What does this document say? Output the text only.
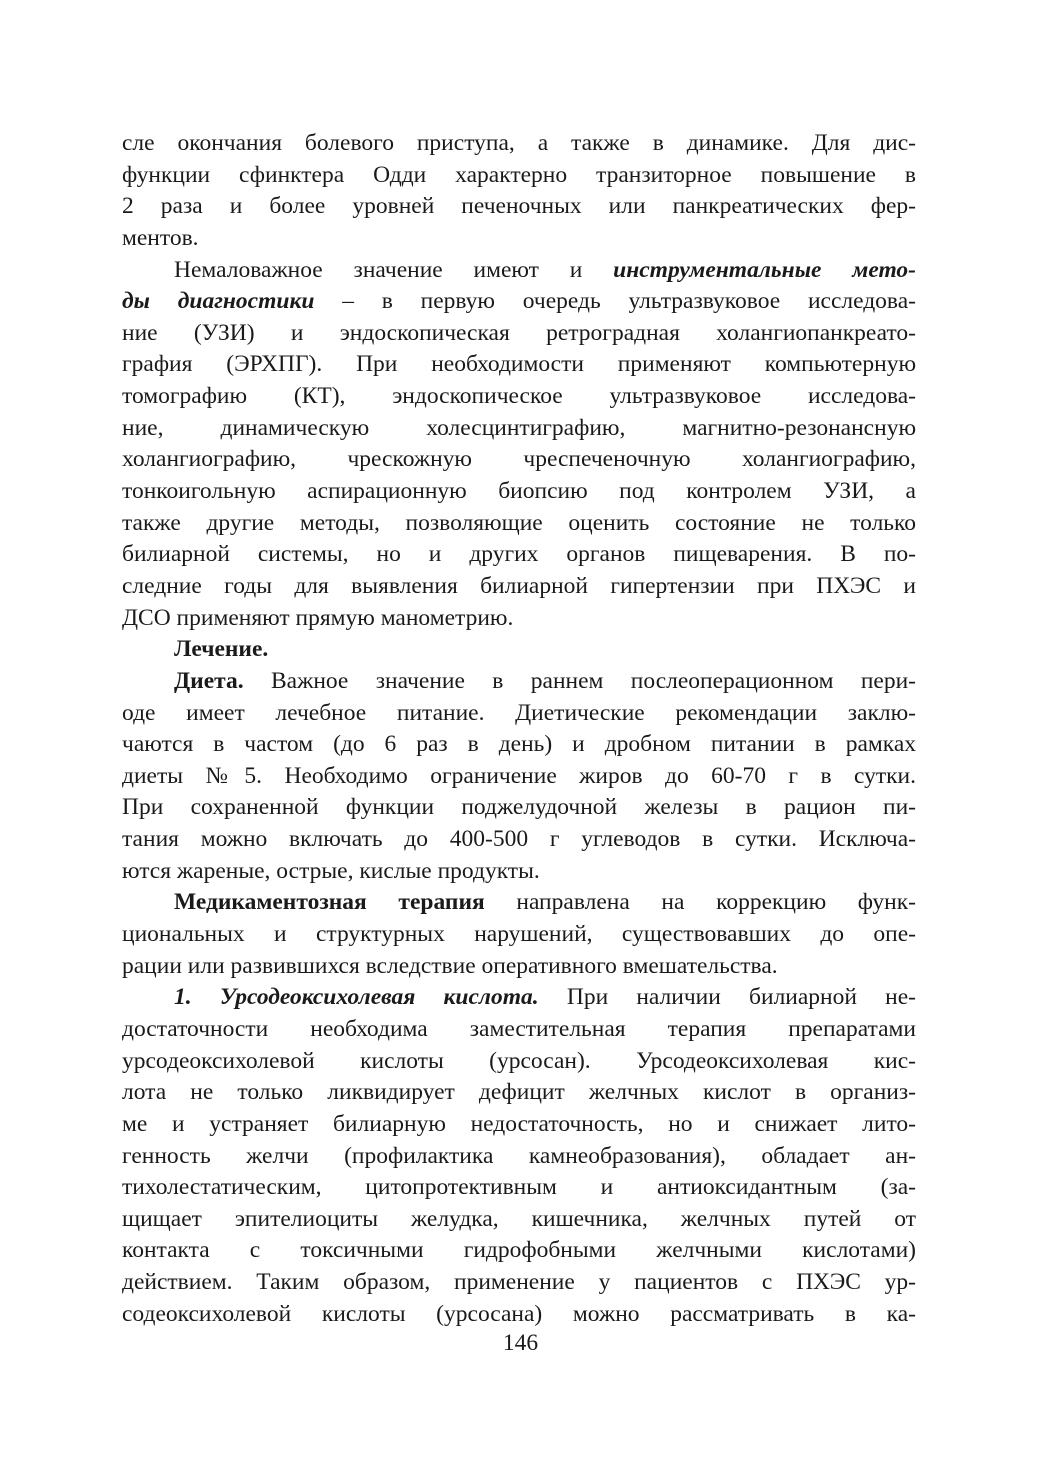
сле окончания болевого приступа, а также в динамике. Для дис-
функции сфинктера Одди характерно транзиторное повышение в
2 раза и более уровней печеночных или панкреатических фер-
ментов.
Немаловажное значение имеют и инструментальные мето-
ды диагностики – в первую очередь ультразвуковое исследова-
ние (УЗИ) и эндоскопическая ретроградная холангиопанкреато-
графия (ЭРХПГ). При необходимости применяют компьютерную
томографию (КТ), эндоскопическое ультразвуковое исследова-
ние, динамическую холесцинтиграфию, магнитно-резонансную
холангиографию, чрескожную чреспеченочную холангиографию,
тонкоигольную аспирационную биопсию под контролем УЗИ, а
также другие методы, позволяющие оценить состояние не только
билиарной системы, но и других органов пищеварения. В по-
следние годы для выявления билиарной гипертензии при ПХЭС и
ДСО применяют прямую манометрию.
Лечение.
Диета. Важное значение в раннем послеоперационном пери-
оде имеет лечебное питание. Диетические рекомендации заклю-
чаются в частом (до 6 раз в день) и дробном питании в рамках
диеты №5. Необходимо ограничение жиров до 60-70 г в сутки.
При сохраненной функции поджелудочной железы в рацион пи-
тания можно включать до 400-500 г углеводов в сутки. Исключа-
ются жареные, острые, кислые продукты.
Медикаментозная терапия направлена на коррекцию функ-
циональных и структурных нарушений, существовавших до опе-
рации или развившихся вследствие оперативного вмешательства.
1. Урсодеоксихолевая кислота. При наличии билиарной не-
достаточности необходима заместительная терапия препаратами
урсодеоксихолевой кислоты (урсосан). Урсодеоксихолевая кис-
лота не только ликвидирует дефицит желчных кислот в организ-
ме и устраняет билиарную недостаточность, но и снижает лито-
генность желчи (профилактика камнеобразования), обладает ан-
тихолестатическим, цитопротективным и антиоксидантным (за-
щищает эпителиоциты желудка, кишечника, желчных путей от
контакта с токсичными гидрофобными желчными кислотами)
действием. Таким образом, применение у пациентов с ПХЭС ур-
содеоксихолевой кислоты (урсосана) можно рассматривать в ка-
146
